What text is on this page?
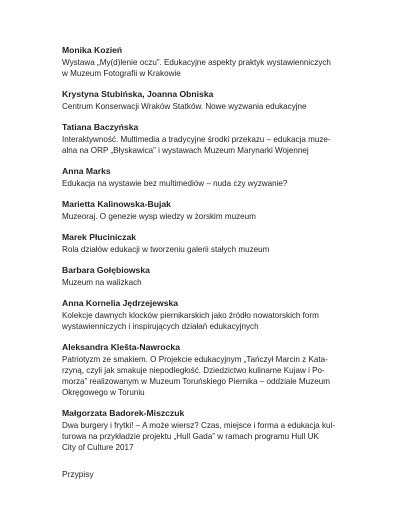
Monika Kozień
Wystawa „My(d)lenie oczu”. Edukacyjne aspekty praktyk wystawienniczych
w Muzeum Fotografii w Krakowie
Krystyna Stubińska, Joanna Obniska
Centrum Konserwacji Wraków Statków. Nowe wyzwania edukacyjne
Tatiana Baczyńska
Interaktywność. Multimedia a tradycyjne środki przekazu – edukacja muze-
alna na ORP „Błyskawica” i wystawach Muzeum Marynarki Wojennej
Anna Marks
Edukacja na wystawie bez multimediów – nuda czy wyzwanie?
Marietta Kalinowska-Bujak
Muzeoraj. O genezie wysp wiedzy w żorskim muzeum
Marek Płuciniczak
Rola działów edukacji w tworzeniu galerii stałych muzeum
Barbara Gołębiowska
Muzeum na walizkach
Anna Kornelia Jędrzejewska
Kolekcje dawnych klocków piernikarskich jako źródło nowatorskich form
wystawienniczych i inspirujących działań edukacyjnych
Aleksandra Klešta-Nawrocka
Patriotyzm ze smakiem. O Projekcie edukacyjnym „Tańczył Marcin z Kata-
rzyną, czyli jak smakuje niepodległość. Dziedzictwo kulinarne Kujaw i Po-
morza” realizowanym w Muzeum Toruńskiego Piernika – oddziale Muzeum
Okręgowego w Toruniu
Małgorzata Badorek-Miszczuk
Dwa burgery i frytki! – A może wiersz? Czas, miejsce i forma a edukacja kul-
turowa na przykładzie projektu „Hull Gada” w ramach programu Hull UK
City of Culture 2017
Przypisy
